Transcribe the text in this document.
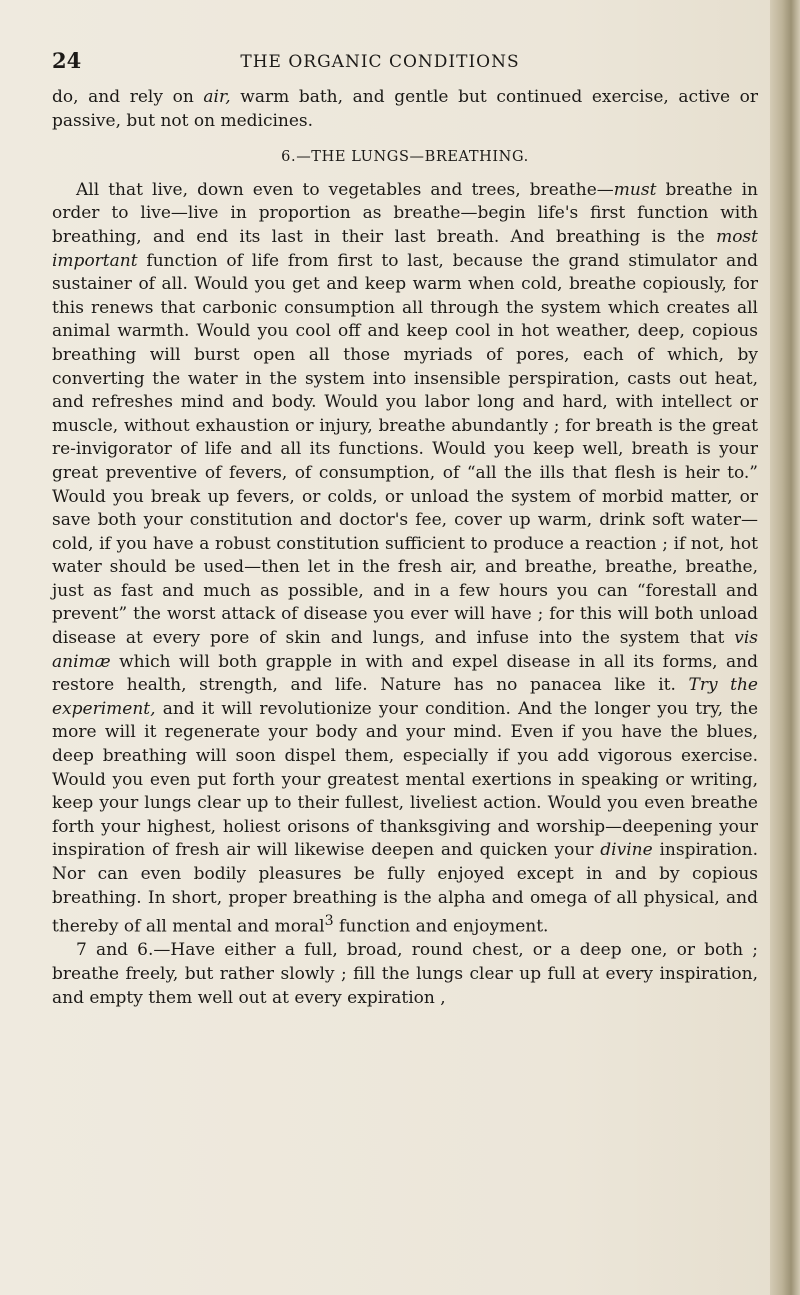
24	THE ORGANIC CONDITIONS

do, and rely on air, warm bath, and gentle but continued exercise, active or passive, but not on medicines.

6.—THE LUNGS—BREATHING.

All that live, down even to vegetables and trees, breathe—must breathe in order to live—live in proportion as breathe—begin life's first function with breathing, and end its last in their last breath. And breathing is the most important function of life from first to last, because the grand stimulator and sustainer of all. Would you get and keep warm when cold, breathe copiously, for this renews that carbonic consumption all through the system which creates all animal warmth. Would you cool off and keep cool in hot weather, deep, copious breathing will burst open all those myriads of pores, each of which, by converting the water in the system into insensible perspiration, casts out heat, and refreshes mind and body. Would you labor long and hard, with intellect or muscle, without exhaustion or injury, breathe abundantly ; for breath is the great re-invigorator of life and all its functions. Would you keep well, breath is your great preventive of fevers, of consumption, of “all the ills that flesh is heir to.” Would you break up fevers, or colds, or unload the system of morbid matter, or save both your constitution and doctor's fee, cover up warm, drink soft water—cold, if you have a robust constitution sufficient to produce a reaction ; if not, hot water should be used—then let in the fresh air, and breathe, breathe, breathe, just as fast and much as possible, and in a few hours you can “forestall and prevent” the worst attack of disease you ever will have ; for this will both unload disease at every pore of skin and lungs, and infuse into the system that vis animæ which will both grapple in with and expel disease in all its forms, and restore health, strength, and life. Nature has no panacea like it. Try the experiment, and it will revolutionize your condition. And the longer you try, the more will it regenerate your body and your mind. Even if you have the blues, deep breathing will soon dispel them, especially if you add vigorous exercise. Would you even put forth your greatest mental exertions in speaking or writing, keep your lungs clear up to their fullest, liveliest action. Would you even breathe forth your highest, holiest orisons of thanksgiving and worship—deepening your inspiration of fresh air will likewise deepen and quicken your divine inspiration. Nor can even bodily pleasures be fully enjoyed except in and by copious breathing. In short, proper breathing is the alpha and omega of all physical, and thereby of all mental and moral$^3$ function and enjoyment.

7 and 6.—Have either a full, broad, round chest, or a deep one, or both ; breathe freely, but rather slowly ; fill the lungs clear up full at every inspiration, and empty them well out at every expiration ,
